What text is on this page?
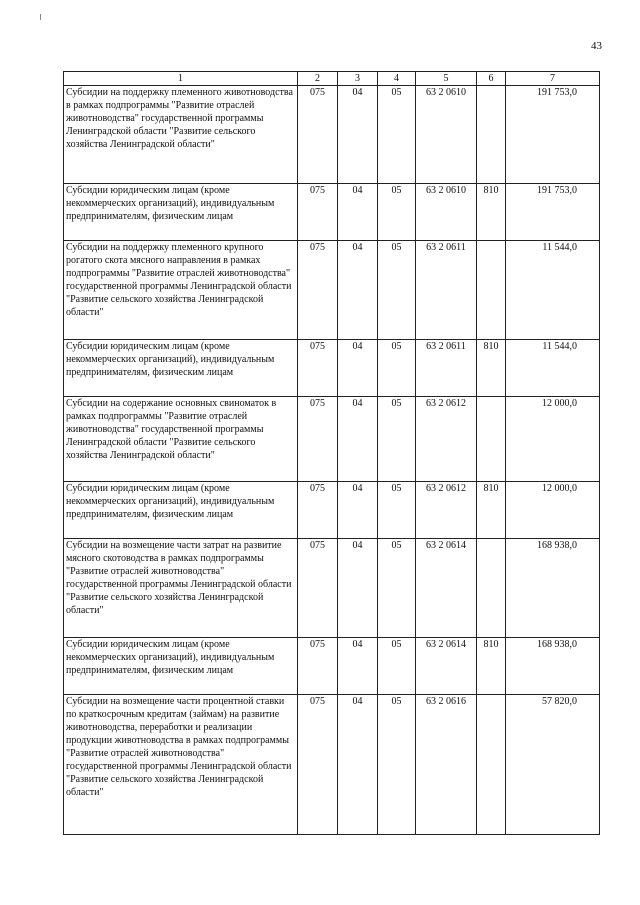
43
1	2	3	4	5	6	7
Субсидии на поддержку племенного животноводства в рамках подпрограммы "Развитие отраслей животноводства" государственной программы Ленинградской области "Развитие сельского хозяйства Ленинградской области"	075	04	05	63 2 0610		191 753,0
Субсидии юридическим лицам (кроме некоммерческих организаций), индивидуальным предпринимателям, физическим лицам	075	04	05	63 2 0610	810	191 753,0
Субсидии на поддержку племенного крупного рогатого скота мясного направления в рамках подпрограммы "Развитие отраслей животноводства" государственной программы Ленинградской области "Развитие сельского хозяйства Ленинградской области"	075	04	05	63 2 0611		11 544,0
Субсидии юридическим лицам (кроме некоммерческих организаций), индивидуальным предпринимателям, физическим лицам	075	04	05	63 2 0611	810	11 544,0
Субсидии на содержание основных свиноматок в рамках подпрограммы "Развитие отраслей животноводства" государственной программы Ленинградской области "Развитие сельского хозяйства Ленинградской области"	075	04	05	63 2 0612		12 000,0
Субсидии юридическим лицам (кроме некоммерческих организаций), индивидуальным предпринимателям, физическим лицам	075	04	05	63 2 0612	810	12 000,0
Субсидии на возмещение части затрат на развитие мясного скотоводства в рамках подпрограммы "Развитие отраслей животноводства" государственной программы Ленинградской области "Развитие сельского хозяйства Ленинградской области"	075	04	05	63 2 0614		168 938,0
Субсидии юридическим лицам (кроме некоммерческих организаций), индивидуальным предпринимателям, физическим лицам	075	04	05	63 2 0614	810	168 938,0
Субсидии на возмещение части процентной ставки по краткосрочным кредитам (займам) на развитие животноводства, переработки и реализации продукции животноводства в рамках подпрограммы "Развитие отраслей животноводства" государственной программы Ленинградской области "Развитие сельского хозяйства Ленинградской области"	075	04	05	63 2 0616		57 820,0
